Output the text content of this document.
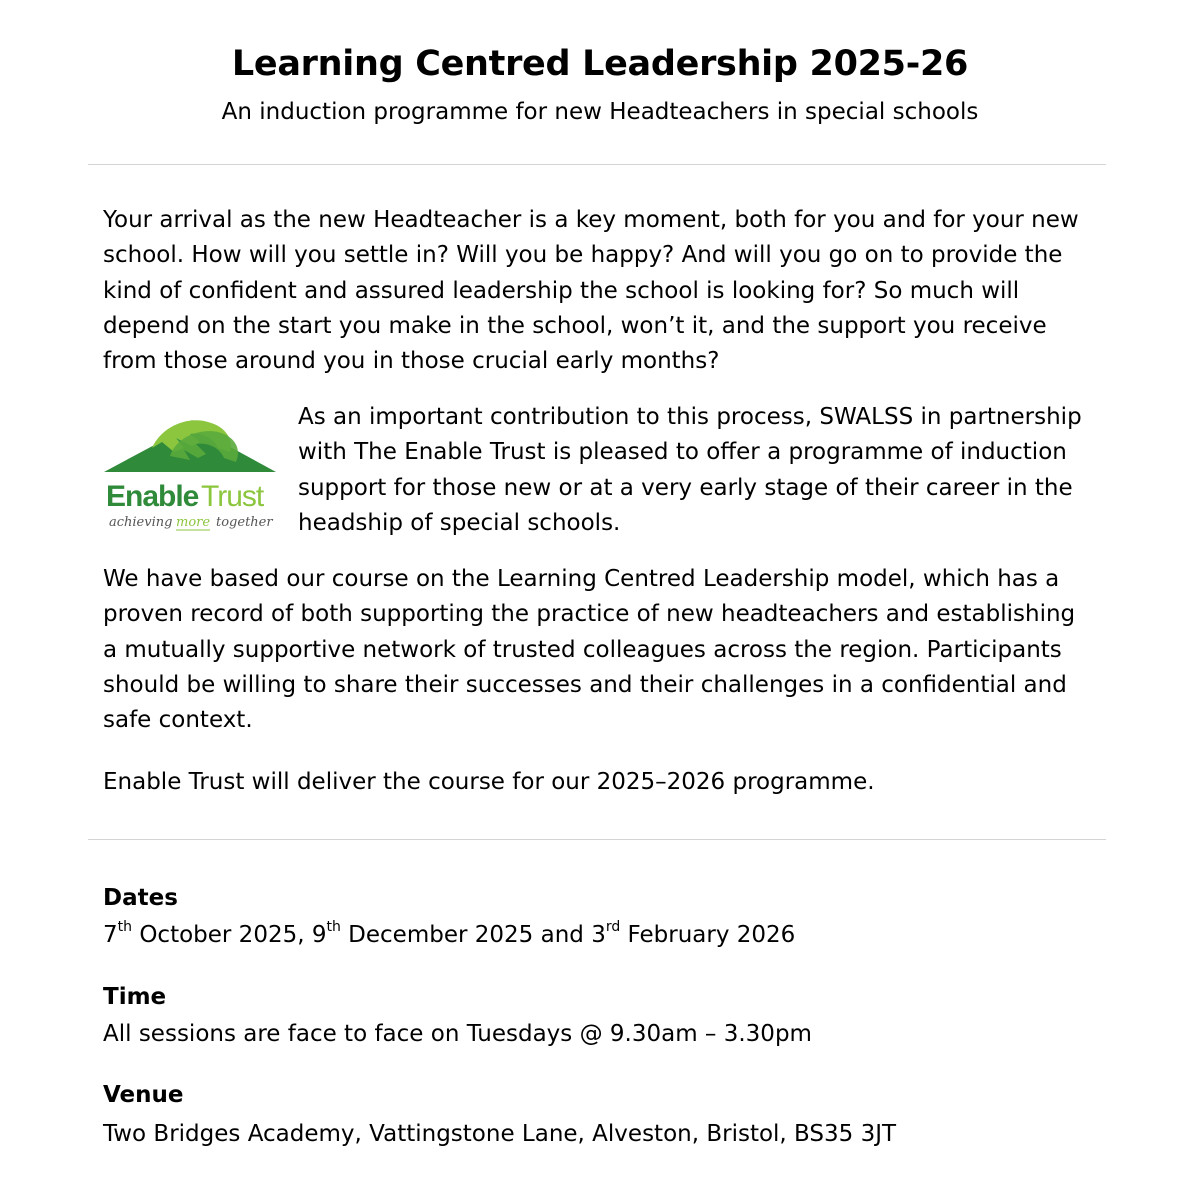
Learning Centred Leadership 2025-26
An induction programme for new Headteachers in special schools
Your arrival as the new Headteacher is a key moment, both for you and for your new
school. How will you settle in? Will you be happy? And will you go on to provide the
kind of confident and assured leadership the school is looking for? So much will
depend on the start you make in the school, won’t it, and the support you receive
from those around you in those crucial early months?
Enable Trust
achieving more together
As an important contribution to this process, SWALSS in partnership
with The Enable Trust is pleased to offer a programme of induction
support for those new or at a very early stage of their career in the
headship of special schools.
We have based our course on the Learning Centred Leadership model, which has a
proven record of both supporting the practice of new headteachers and establishing
a mutually supportive network of trusted colleagues across the region. Participants
should be willing to share their successes and their challenges in a confidential and
safe context.
Enable Trust will deliver the course for our 2025–2026 programme.
Dates
7th October 2025, 9th December 2025 and 3rd February 2026
Time
All sessions are face to face on Tuesdays @ 9.30am – 3.30pm
Venue
Two Bridges Academy, Vattingstone Lane, Alveston, Bristol, BS35 3JT
